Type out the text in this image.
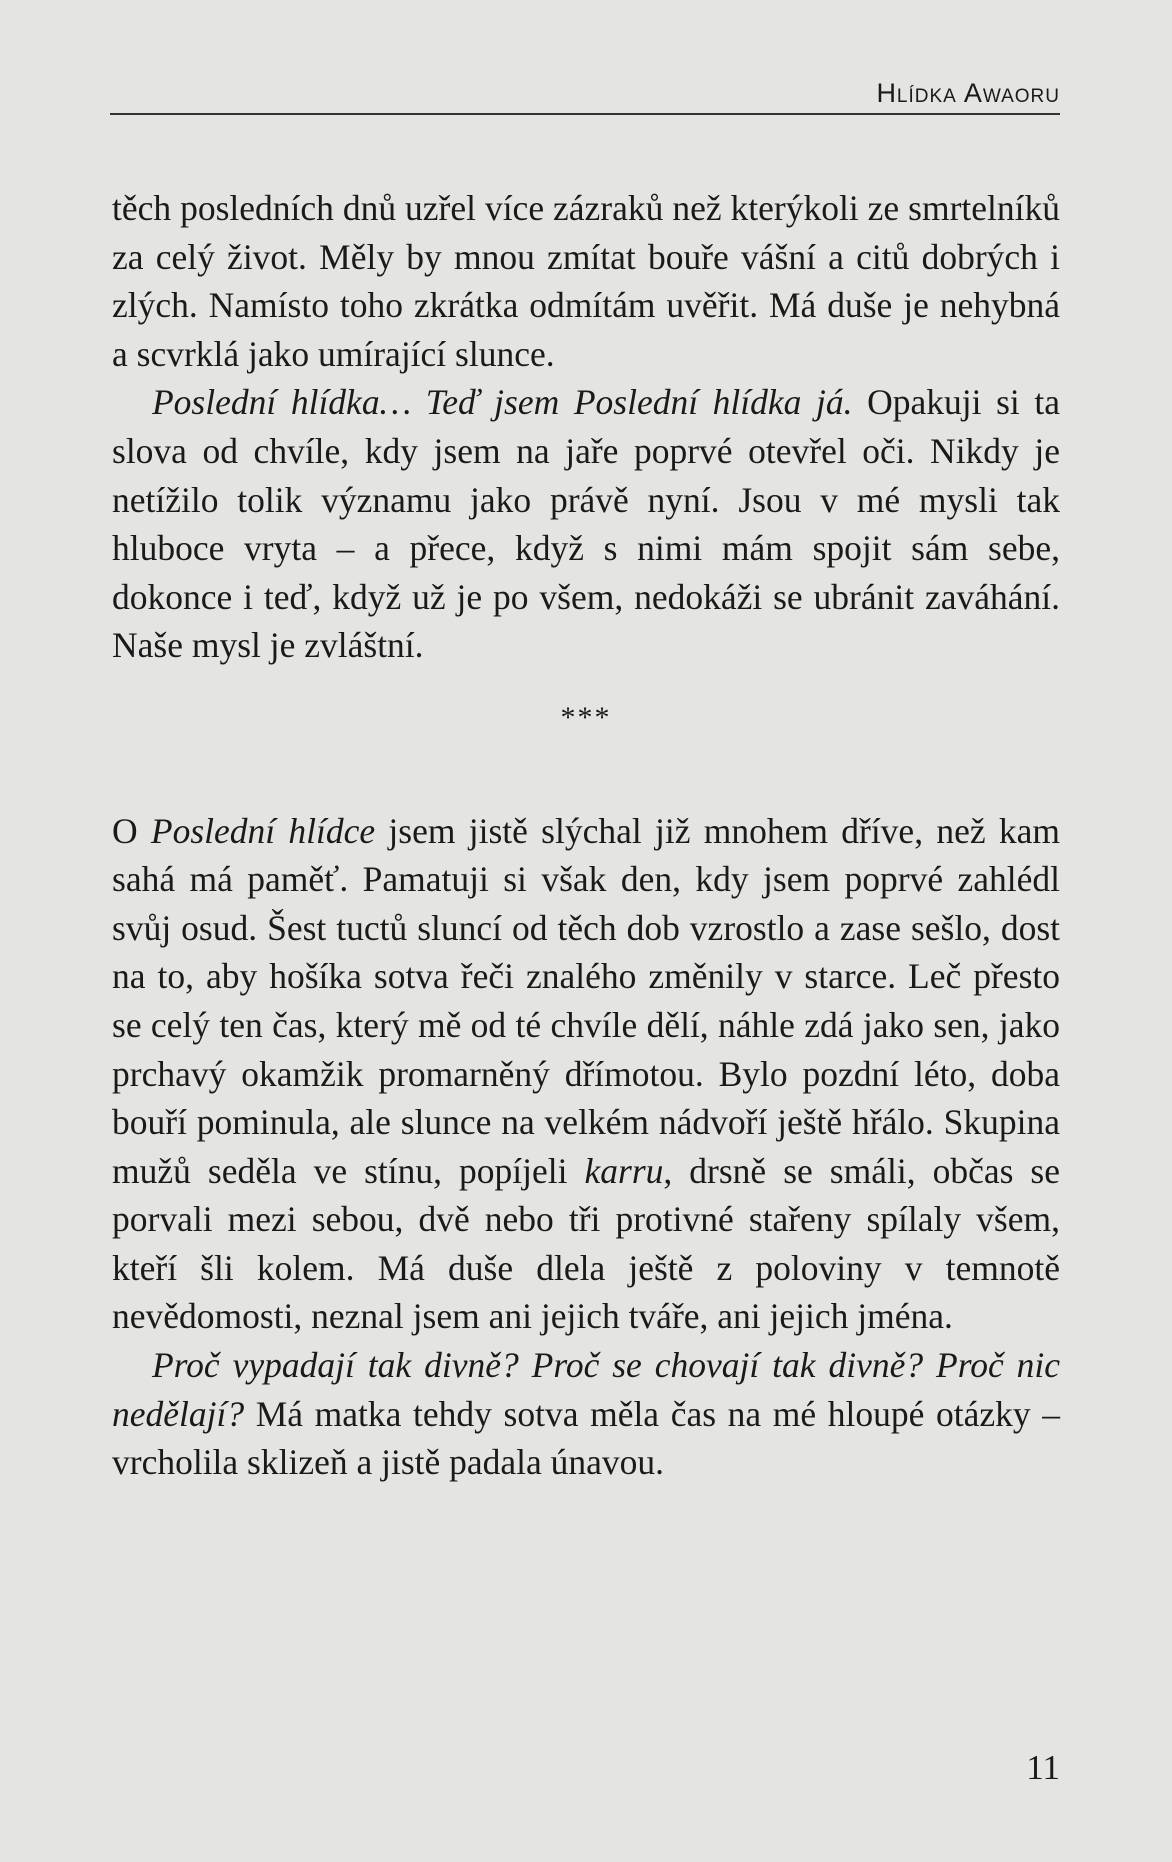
Hlídka Awaoru

těch posledních dnů uzřel více zázraků než kterýkoli ze smrtelníků za celý život. Měly by mnou zmítat bouře vášní a citů dobrých i zlých. Namísto toho zkrátka odmítám uvěřit. Má duše je nehybná a scvrklá jako umírající slunce.

Poslední hlídka… Teď jsem Poslední hlídka já. Opakuji si ta slova od chvíle, kdy jsem na jaře poprvé otevřel oči. Nikdy je netížilo tolik významu jako právě nyní. Jsou v mé mysli tak hluboce vryta – a přece, když s nimi mám spojit sám sebe, dokonce i teď, když už je po všem, nedokáži se ubránit zaváhání. Naše mysl je zvláštní.

***

O Poslední hlídce jsem jistě slýchal již mnohem dříve, než kam sahá má paměť. Pamatuji si však den, kdy jsem poprvé zahlédl svůj osud. Šest tuctů sluncí od těch dob vzrostlo a zase sešlo, dost na to, aby hošíka sotva řeči znalého změnily v starce. Leč přesto se celý ten čas, který mě od té chvíle dělí, náhle zdá jako sen, jako prchavý okamžik promarněný dřímotou. Bylo pozdní léto, doba bouří pominula, ale slunce na velkém nádvoří ještě hřálo. Skupina mužů seděla ve stínu, popíjeli karru, drsně se smáli, občas se porvali mezi sebou, dvě nebo tři protivné stařeny spílaly všem, kteří šli kolem. Má duše dlela ještě z poloviny v temnotě nevědomosti, neznal jsem ani jejich tváře, ani jejich jména.

Proč vypadají tak divně? Proč se chovají tak divně? Proč nic nedělají? Má matka tehdy sotva měla čas na mé hloupé otázky – vrcholila sklizeň a jistě padala únavou.

11
